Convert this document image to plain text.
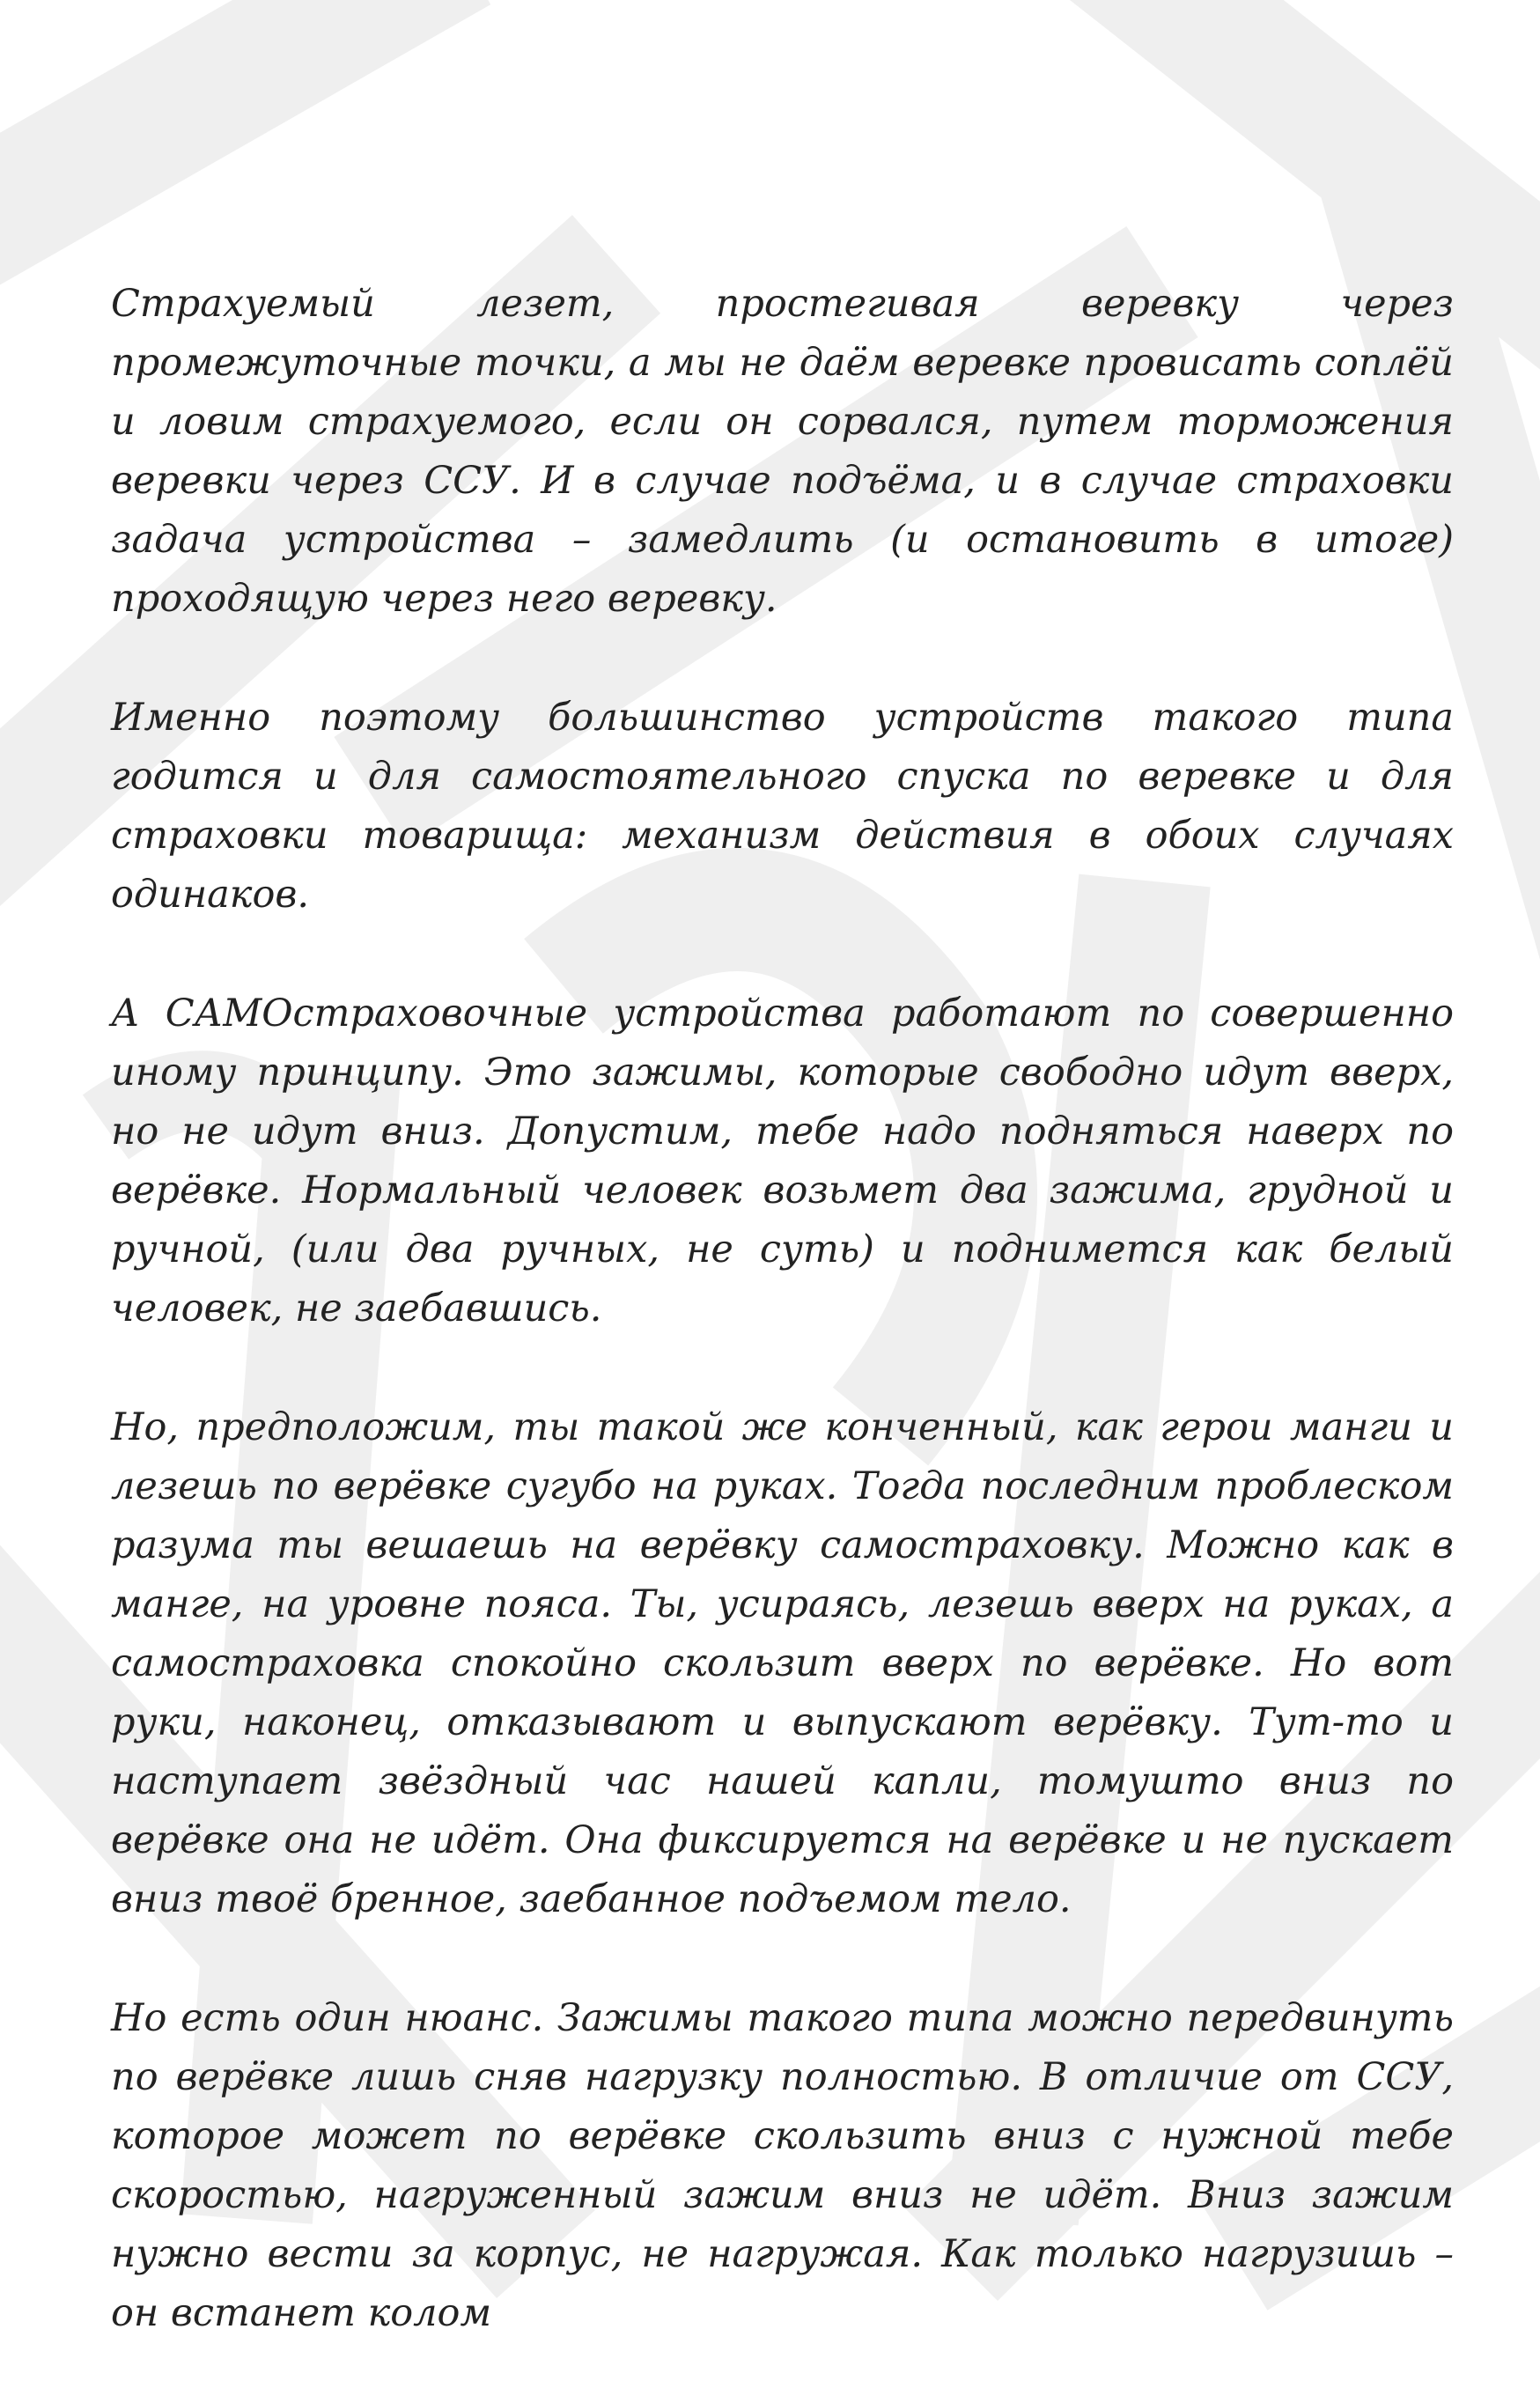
Страхуемый лезет, простегивая веревку через промежуточные точки, а мы не даём веревке провисать соплёй и ловим страхуемого, если он сорвался, путем торможения веревки через ССУ. И в случае подъёма, и в случае страховки задача устройства – замедлить (и остановить в итоге) проходящую через него веревку.

Именно поэтому большинство устройств такого типа годится и для самостоятельного спуска по веревке и для страховки товарища: механизм действия в обоих случаях одинаков.

А САМОстраховочные устройства работают по совершенно иному принципу. Это зажимы, которые свободно идут вверх, но не идут вниз. Допустим, тебе надо подняться наверх по верёвке. Нормальный человек возьмет два зажима, грудной и ручной, (или два ручных, не суть) и поднимется как белый человек, не заебавшись.

Но, предположим, ты такой же конченный, как герои манги и лезешь по верёвке сугубо на руках. Тогда последним проблеском разума ты вешаешь на верёвку самостраховку. Можно как в манге, на уровне пояса. Ты, усираясь, лезешь вверх на руках, а самостраховка спокойно скользит вверх по верёвке. Но вот руки, наконец, отказывают и выпускают верёвку. Тут-то и наступает звёздный час нашей капли, томушто вниз по верёвке она не идёт. Она фиксируется на верёвке и не пускает вниз твоё бренное, заебанное подъемом тело.

Но есть один нюанс. Зажимы такого типа можно передвинуть по верёвке лишь сняв нагрузку полностью. В отличие от ССУ, которое может по верёвке скользить вниз с нужной тебе скоростью, нагруженный зажим вниз не идёт. Вниз зажим нужно вести за корпус, не нагружая. Как только нагрузишь – он встанет колом
